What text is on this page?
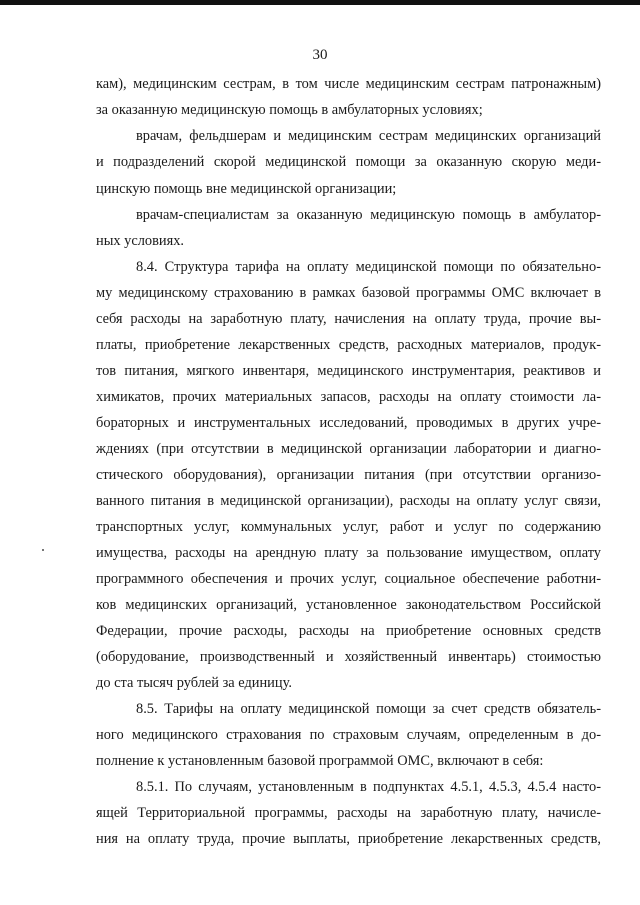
30
кам), медицинским сестрам, в том числе медицинским сестрам патронажным)
за оказанную медицинскую помощь в амбулаторных условиях;
врачам, фельдшерам и медицинским сестрам медицинских организаций
и подразделений скорой медицинской помощи за оказанную скорую меди-
цинскую помощь вне медицинской организации;
врачам-специалистам за оказанную медицинскую помощь в амбулатор-
ных условиях.
8.4. Структура тарифа на оплату медицинской помощи по обязательно-
му медицинскому страхованию в рамках базовой программы ОМС включает в
себя расходы на заработную плату, начисления на оплату труда, прочие вы-
платы, приобретение лекарственных средств, расходных материалов, продук-
тов питания, мягкого инвентаря, медицинского инструментария, реактивов и
химикатов, прочих материальных запасов, расходы на оплату стоимости ла-
бораторных и инструментальных исследований, проводимых в других учре-
ждениях (при отсутствии в медицинской организации лаборатории и диагно-
стического оборудования), организации питания (при отсутствии организо-
ванного питания в медицинской организации), расходы на оплату услуг связи,
транспортных услуг, коммунальных услуг, работ и услуг по содержанию
имущества, расходы на арендную плату за пользование имуществом, оплату
программного обеспечения и прочих услуг, социальное обеспечение работни-
ков медицинских организаций, установленное законодательством Российской
Федерации, прочие расходы, расходы на приобретение основных средств
(оборудование, производственный и хозяйственный инвентарь) стоимостью
до ста тысяч рублей за единицу.
8.5. Тарифы на оплату медицинской помощи за счет средств обязатель-
ного медицинского страхования по страховым случаям, определенным в до-
полнение к установленным базовой программой ОМС, включают в себя:
8.5.1. По случаям, установленным в подпунктах 4.5.1, 4.5.3, 4.5.4 насто-
ящей Территориальной программы, расходы на заработную плату, начисле-
ния на оплату труда, прочие выплаты, приобретение лекарственных средств,
